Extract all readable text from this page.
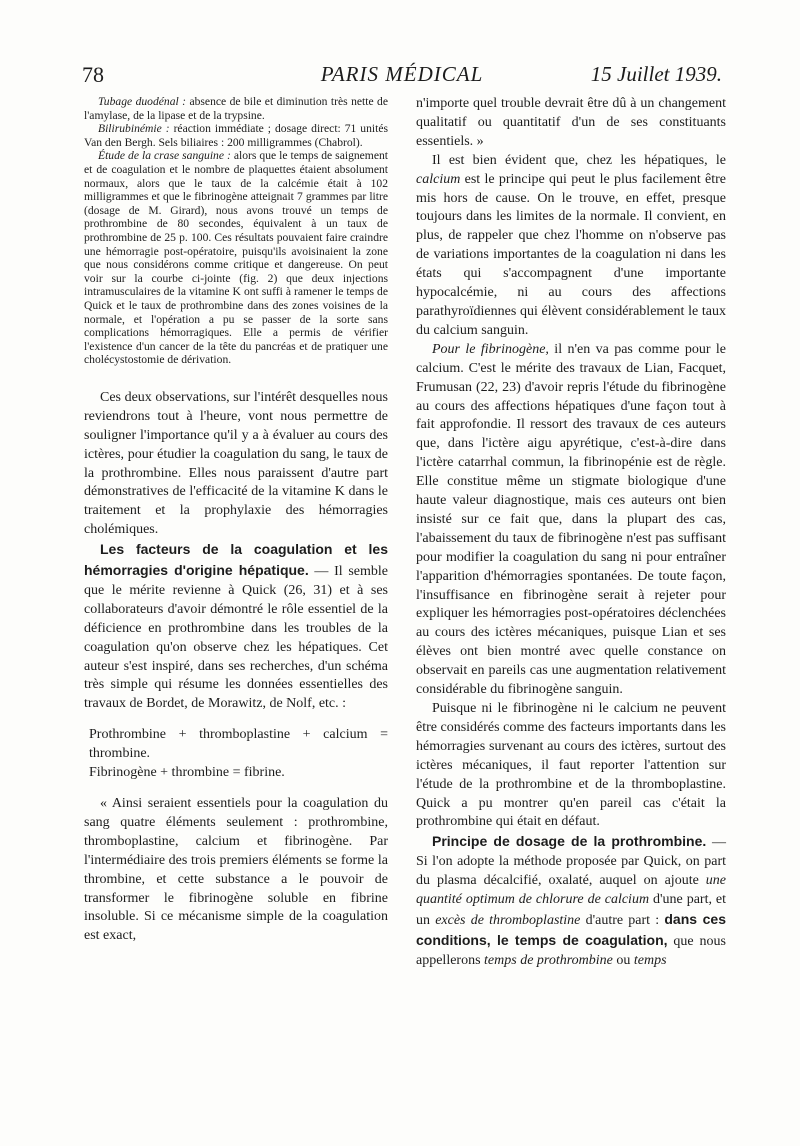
78	PARIS MÉDICAL	15 Juillet 1939.

Tubage duodénal : absence de bile et diminution très nette de l'amylase, de la lipase et de la trypsine.

Bilirubinémie : réaction immédiate ; dosage direct: 71 unités Van den Bergh. Sels biliaires : 200 milligrammes (Chabrol).

Étude de la crase sanguine : alors que le temps de saignement et de coagulation et le nombre de plaquettes étaient absolument normaux, alors que le taux de la calcémie était à 102 milligrammes et que le fibrinogène atteignait 7 grammes par litre (dosage de M. Girard), nous avons trouvé un temps de prothrombine de 80 secondes, équivalent à un taux de prothrombine de 25 p. 100. Ces résultats pouvaient faire craindre une hémorragie post-opératoire, puisqu'ils avoisinaient la zone que nous considérons comme critique et dangereuse. On peut voir sur la courbe ci-jointe (fig. 2) que deux injections intramusculaires de la vitamine K ont suffi à ramener le temps de Quick et le taux de prothrombine dans des zones voisines de la normale, et l'opération a pu se passer de la sorte sans complications hémorragiques. Elle a permis de vérifier l'existence d'un cancer de la tête du pancréas et de pratiquer une cholécystostomie de dérivation.

Ces deux observations, sur l'intérêt desquelles nous reviendrons tout à l'heure, vont nous permettre de souligner l'importance qu'il y a à évaluer au cours des ictères, pour étudier la coagulation du sang, le taux de la prothrombine. Elles nous paraissent d'autre part démonstratives de l'efficacité de la vitamine K dans le traitement et la prophylaxie des hémorragies cholémiques.

Les facteurs de la coagulation et les hémorragies d'origine hépatique. — Il semble que le mérite revienne à Quick (26, 31) et à ses collaborateurs d'avoir démontré le rôle essentiel de la déficience en prothrombine dans les troubles de la coagulation qu'on observe chez les hépatiques. Cet auteur s'est inspiré, dans ses recherches, d'un schéma très simple qui résume les données essentielles des travaux de Bordet, de Morawitz, de Nolf, etc. :

Prothrombine + thromboplastine + calcium = thrombine.

Fibrinogène + thrombine = fibrine.

« Ainsi seraient essentiels pour la coagulation du sang quatre éléments seulement : prothrombine, thromboplastine, calcium et fibrinogène. Par l'intermédiaire des trois premiers éléments se forme la thrombine, et cette substance a le pouvoir de transformer le fibrinogène soluble en fibrine insoluble. Si ce mécanisme simple de la coagulation est exact,

n'importe quel trouble devrait être dû à un changement qualitatif ou quantitatif d'un de ses constituants essentiels. »

Il est bien évident que, chez les hépatiques, le calcium est le principe qui peut le plus facilement être mis hors de cause. On le trouve, en effet, presque toujours dans les limites de la normale. Il convient, en plus, de rappeler que chez l'homme on n'observe pas de variations importantes de la coagulation ni dans les états qui s'accompagnent d'une importante hypocalcémie, ni au cours des affections parathyroïdiennes qui élèvent considérablement le taux du calcium sanguin.

Pour le fibrinogène, il n'en va pas comme pour le calcium. C'est le mérite des travaux de Lian, Facquet, Frumusan (22, 23) d'avoir repris l'étude du fibrinogène au cours des affections hépatiques d'une façon tout à fait approfondie. Il ressort des travaux de ces auteurs que, dans l'ictère aigu apyrétique, c'est-à-dire dans l'ictère catarrhal commun, la fibrinopénie est de règle. Elle constitue même un stigmate biologique d'une haute valeur diagnostique, mais ces auteurs ont bien insisté sur ce fait que, dans la plupart des cas, l'abaissement du taux de fibrinogène n'est pas suffisant pour modifier la coagulation du sang ni pour entraîner l'apparition d'hémorragies spontanées. De toute façon, l'insuffisance en fibrinogène serait à rejeter pour expliquer les hémorragies post-opératoires déclenchées au cours des ictères mécaniques, puisque Lian et ses élèves ont bien montré avec quelle constance on observait en pareils cas une augmentation relativement considérable du fibrinogène sanguin.

Puisque ni le fibrinogène ni le calcium ne peuvent être considérés comme des facteurs importants dans les hémorragies survenant au cours des ictères, surtout des ictères mécaniques, il faut reporter l'attention sur l'étude de la prothrombine et de la thromboplastine. Quick a pu montrer qu'en pareil cas c'était la prothrombine qui était en défaut.

Principe de dosage de la prothrombine. — Si l'on adopte la méthode proposée par Quick, on part du plasma décalcifié, oxalaté, auquel on ajoute une quantité optimum de chlorure de calcium d'une part, et un excès de thromboplastine d'autre part : dans ces conditions, le temps de coagulation, que nous appellerons temps de prothrombine ou temps
